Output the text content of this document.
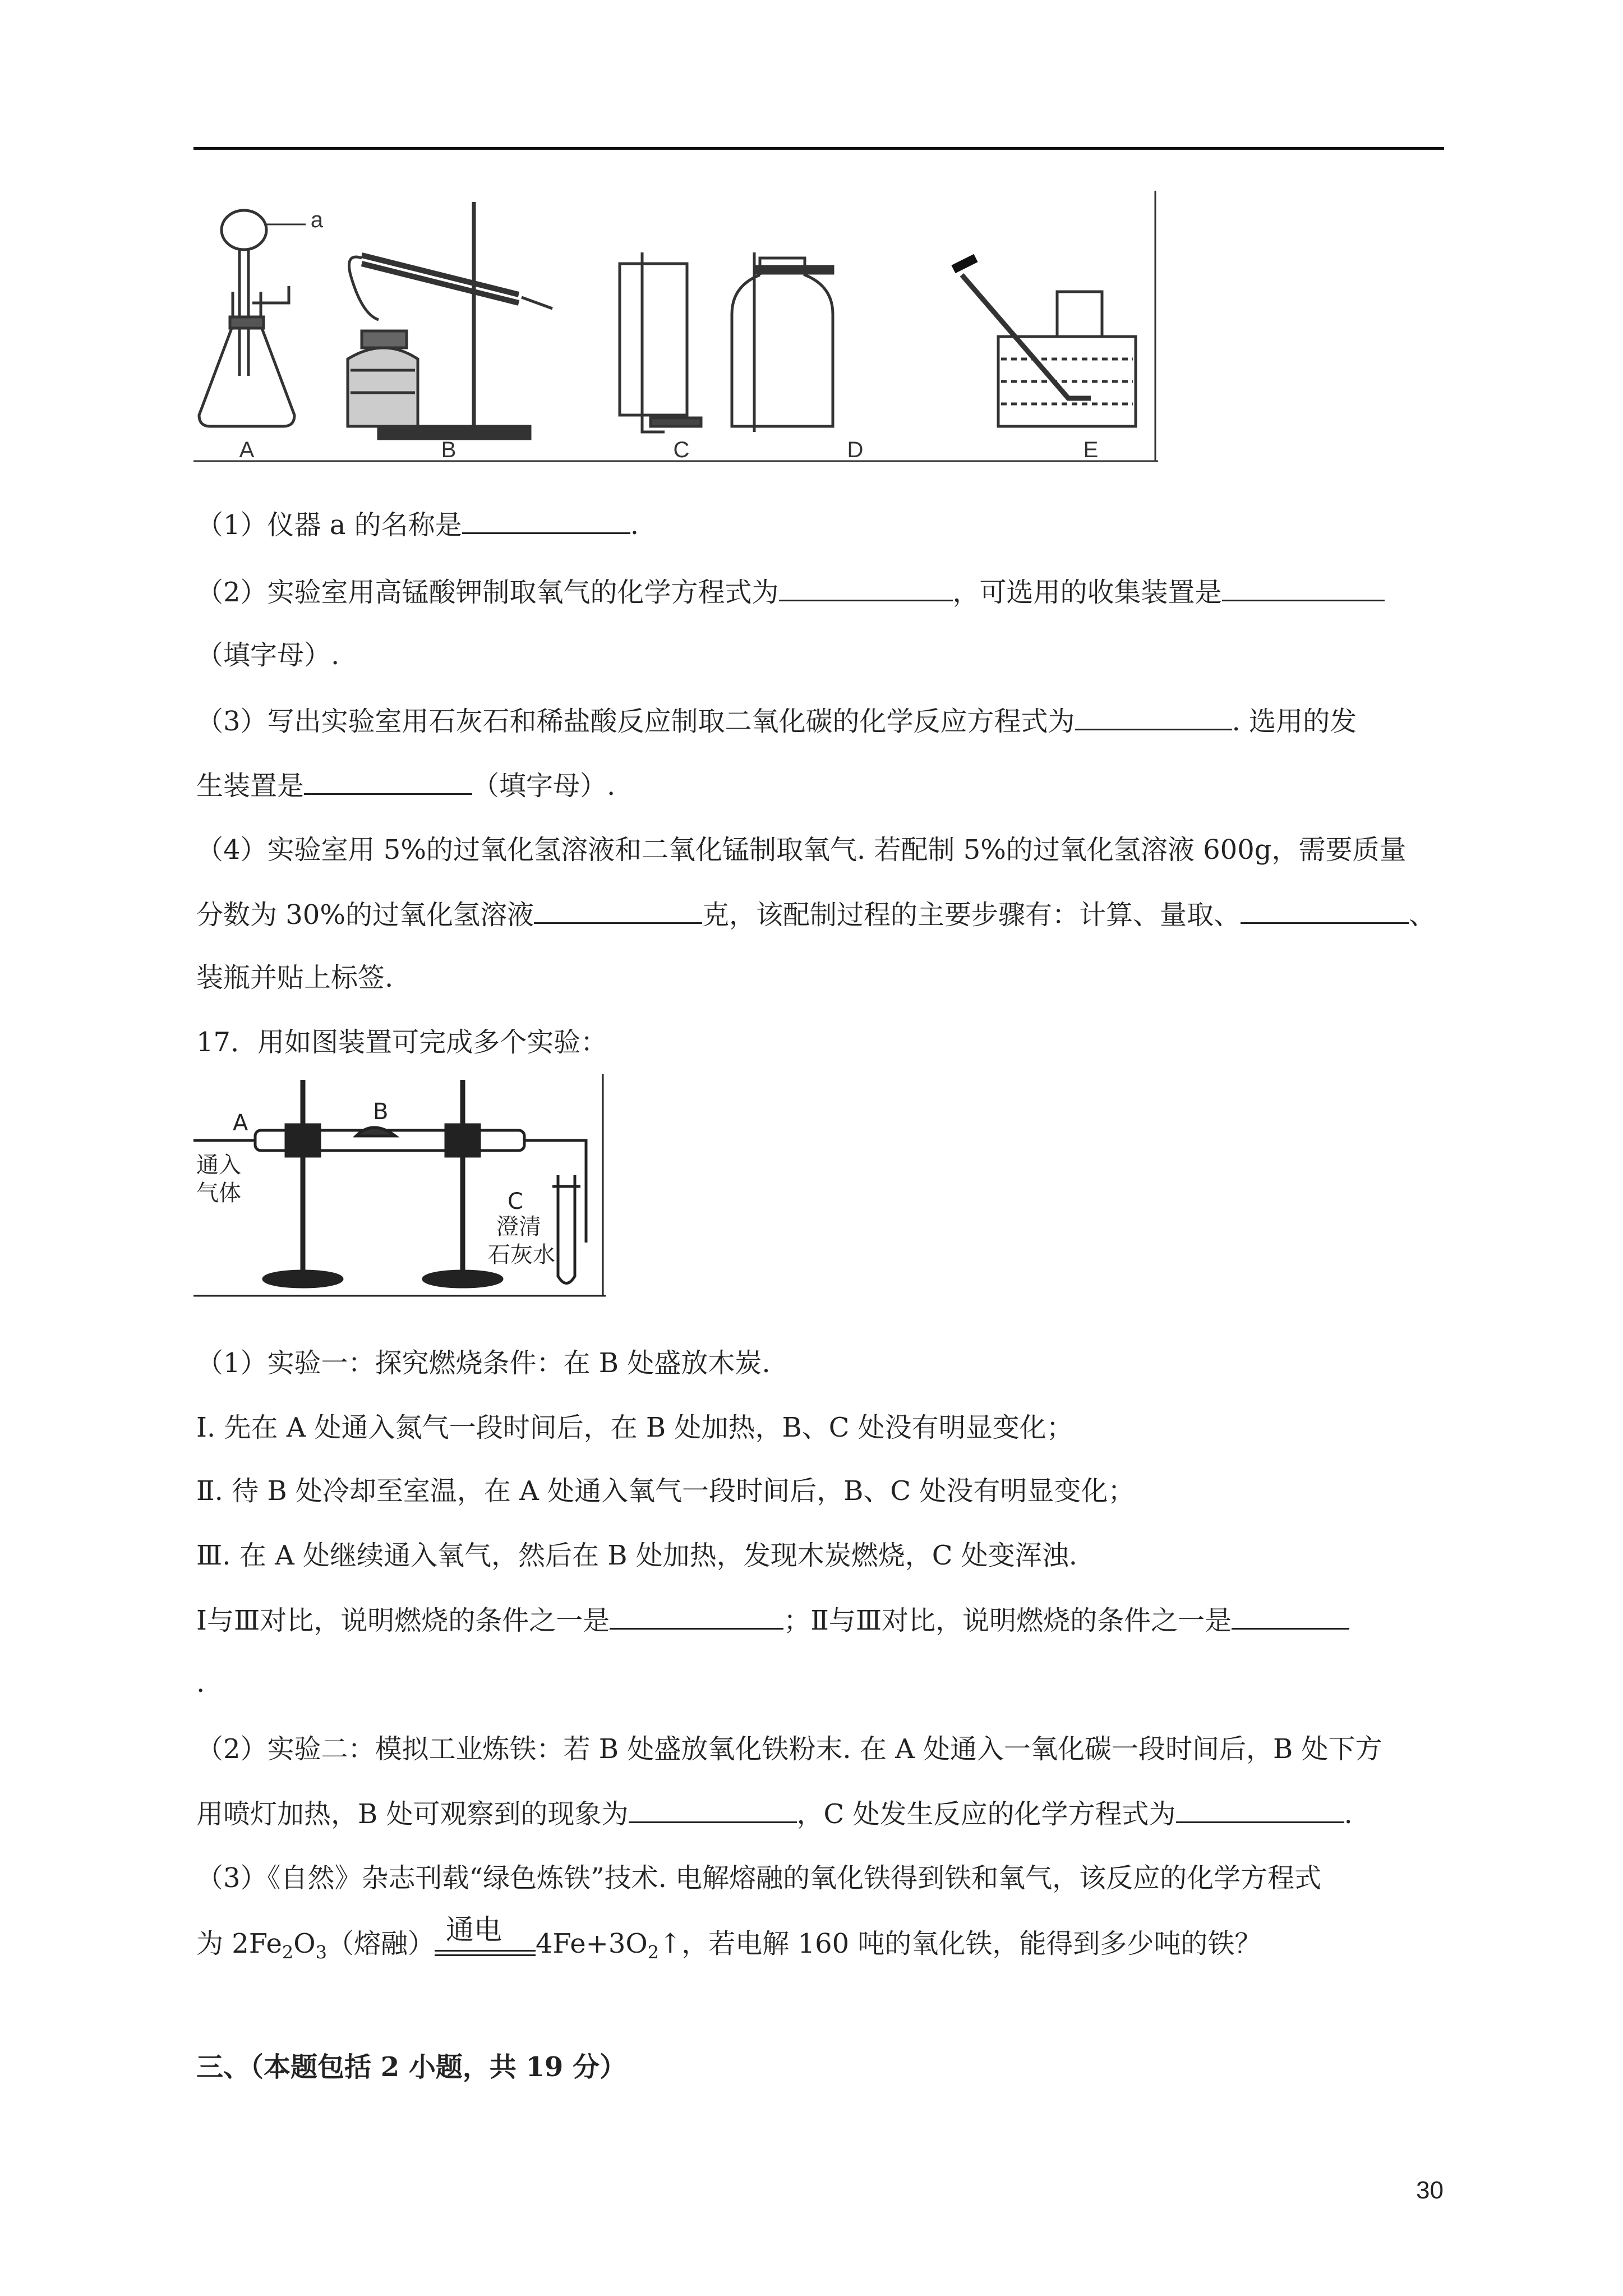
a
A	B	C	D	E
（1）仪器 a 的名称是	.
（2）实验室用高锰酸钾制取氧气的化学方程式为	，可选用的收集装置是
（填字母）.
（3）写出实验室用石灰石和稀盐酸反应制取二氧化碳的化学反应方程式为	. 选用的发
生装置是	（填字母）.
（4）实验室用 5%的过氧化氢溶液和二氧化锰制取氧气. 若配制 5%的过氧化氢溶液 600g，需要质量
分数为 30%的过氧化氢溶液	克，该配制过程的主要步骤有：计算、量取、	、
装瓶并贴上标签.
17．用如图装置可完成多个实验：
A	B
C
通入
气体
澄清
石灰水
（1）实验一：探究燃烧条件：在 B 处盛放木炭.
Ⅰ. 先在 A 处通入氮气一段时间后，在 B 处加热，B、C 处没有明显变化；
Ⅱ. 待 B 处冷却至室温，在 A 处通入氧气一段时间后，B、C 处没有明显变化；
Ⅲ. 在 A 处继续通入氧气，然后在 B 处加热，发现木炭燃烧，C 处变浑浊.
Ⅰ与Ⅲ对比，说明燃烧的条件之一是	；Ⅱ与Ⅲ对比，说明燃烧的条件之一是
.
（2）实验二：模拟工业炼铁：若 B 处盛放氧化铁粉末. 在 A 处通入一氧化碳一段时间后，B 处下方
用喷灯加热，B 处可观察到的现象为	，C 处发生反应的化学方程式为	.
（3）《自然》杂志刊载“绿色炼铁”技术. 电解熔融的氧化铁得到铁和氧气，该反应的化学方程式
为 $2Fe_2O_3$（熔融） 通电 $4Fe+3O_2↑$，若电解 160 吨的氧化铁，能得到多少吨的铁？
三、（本题包括 2 小题，共 19 分）
30
